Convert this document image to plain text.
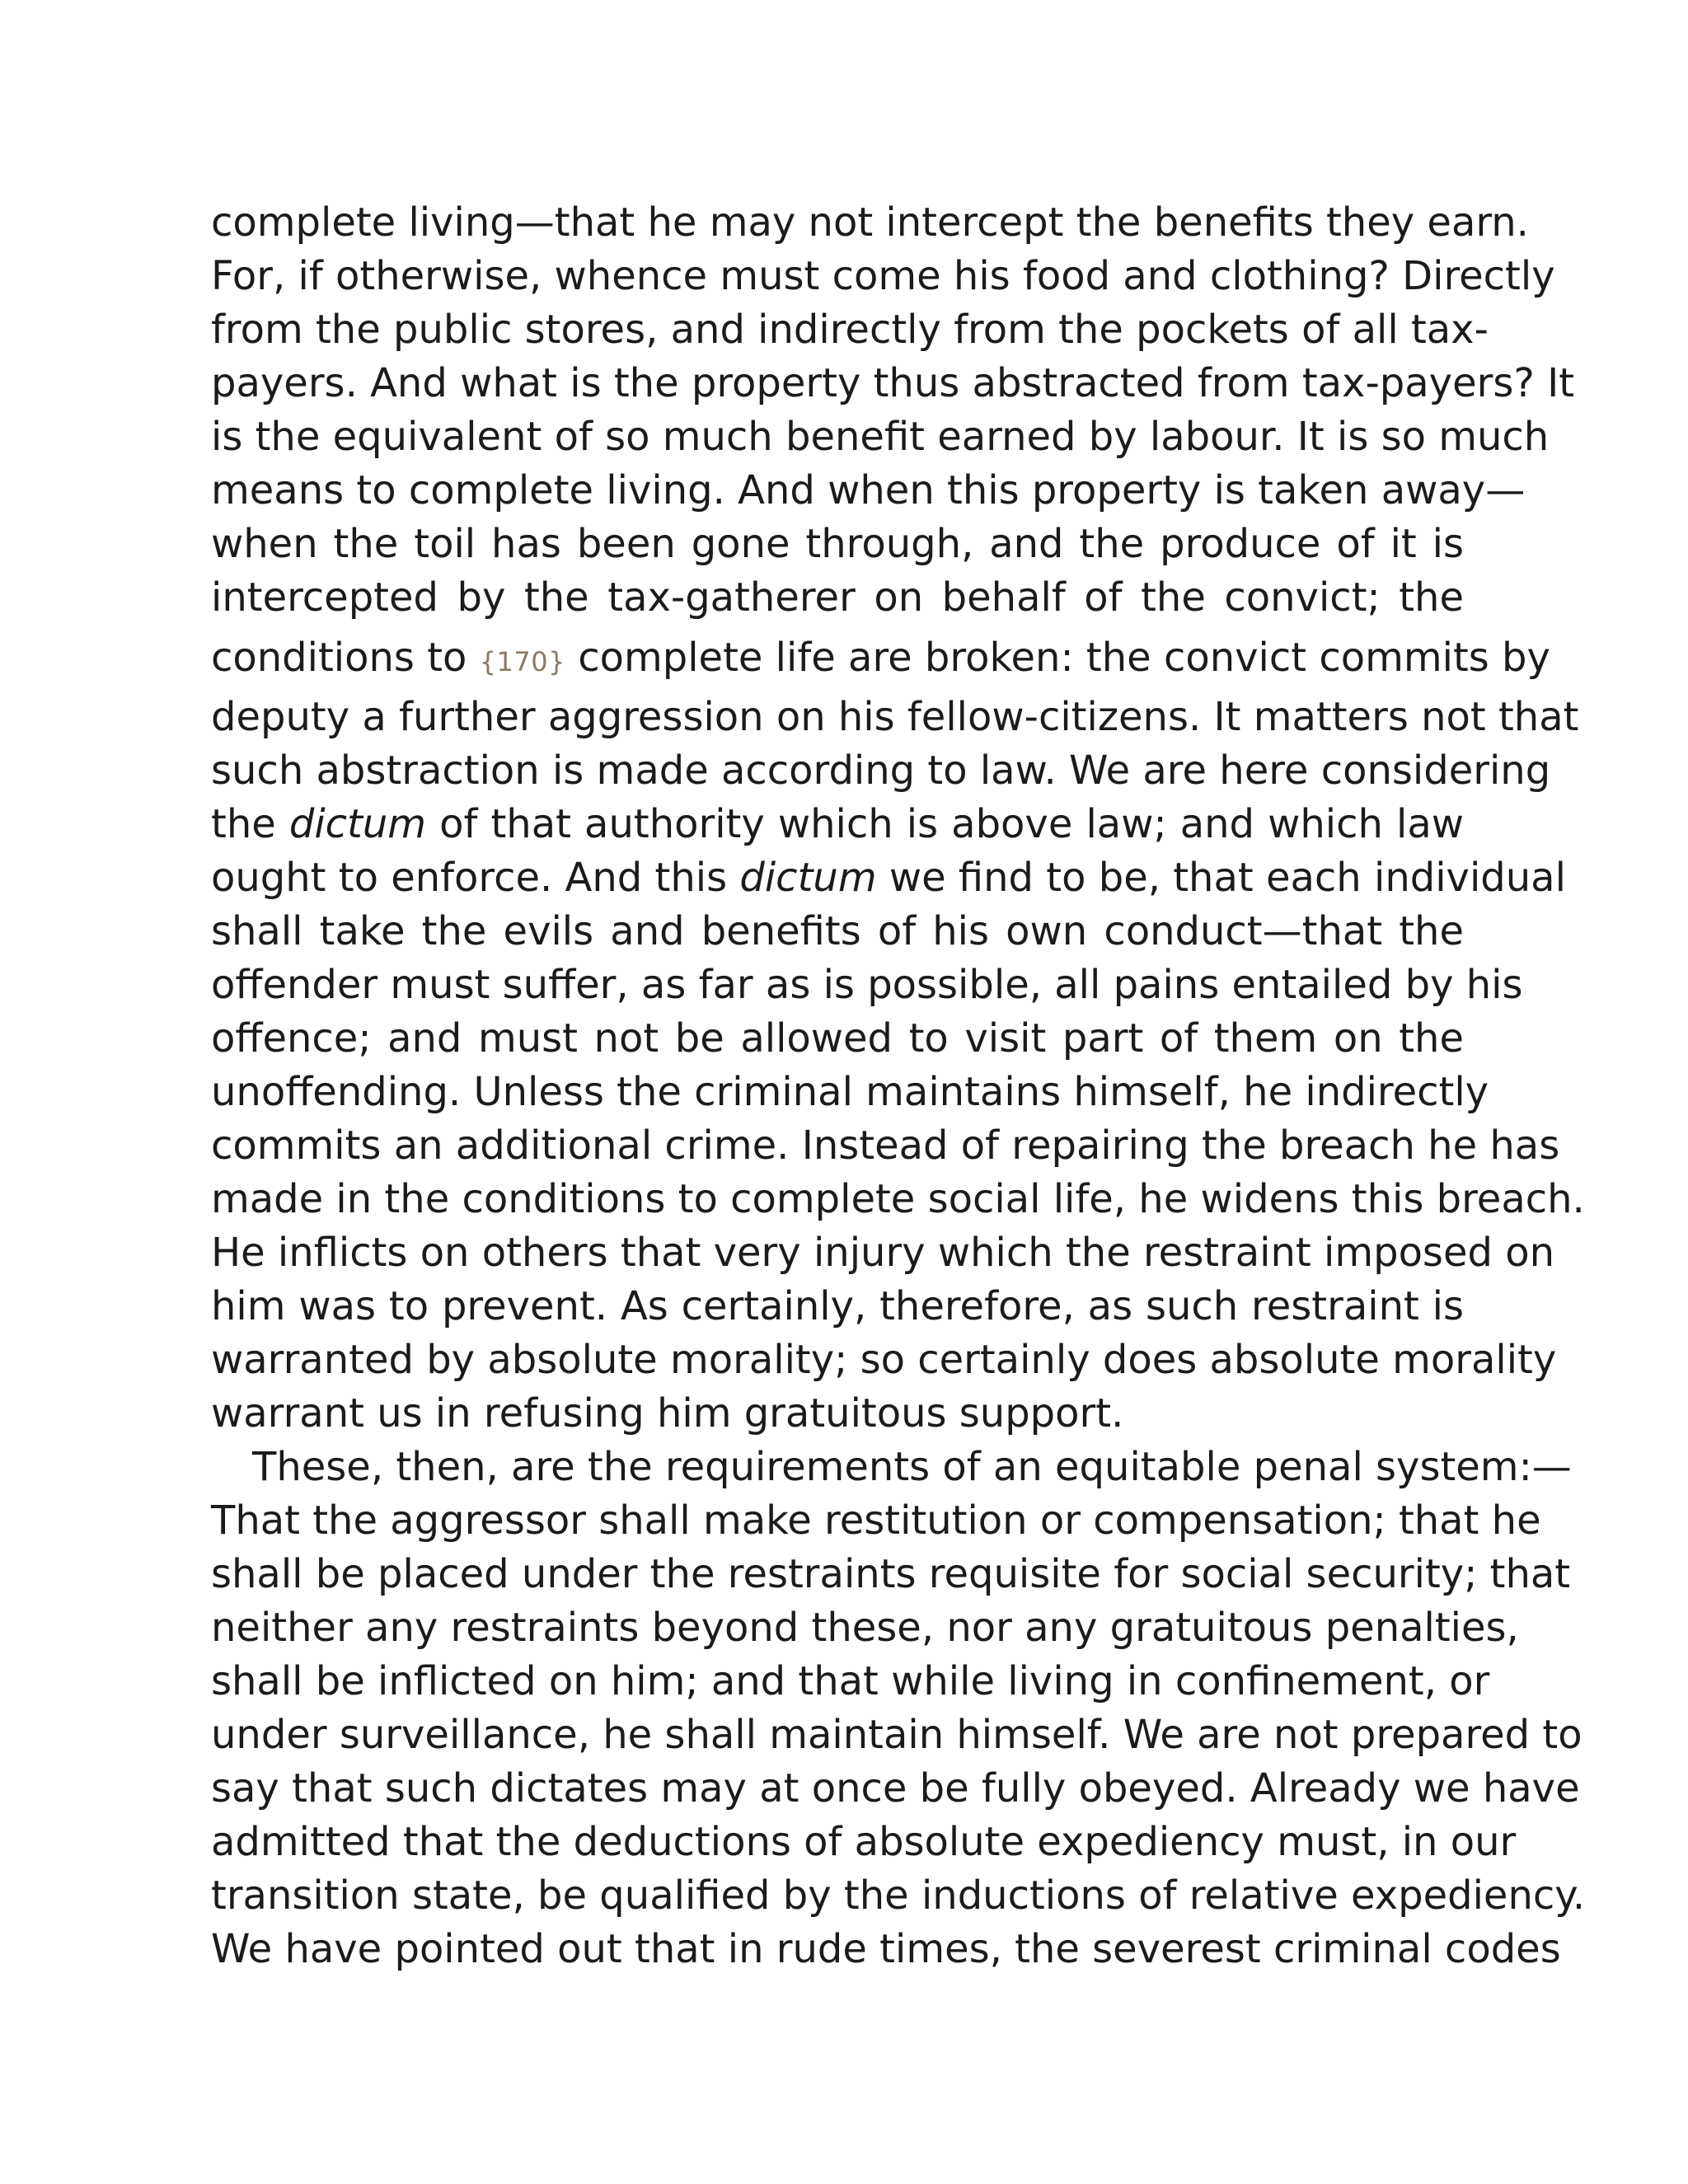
complete living—that he may not intercept the benefits they earn.
For, if otherwise, whence must come his food and clothing? Directly
from the public stores, and indirectly from the pockets of all tax-
payers. And what is the property thus abstracted from tax-payers? It
is the equivalent of so much benefit earned by labour. It is so much
means to complete living. And when this property is taken away—
when the toil has been gone through, and the produce of it is
intercepted by the tax-gatherer on behalf of the convict; the
conditions to {170} complete life are broken: the convict commits by
deputy a further aggression on his fellow-citizens. It matters not that
such abstraction is made according to law. We are here considering
the dictum of that authority which is above law; and which law
ought to enforce. And this dictum we find to be, that each individual
shall take the evils and benefits of his own conduct—that the
offender must suffer, as far as is possible, all pains entailed by his
offence; and must not be allowed to visit part of them on the
unoffending. Unless the criminal maintains himself, he indirectly
commits an additional crime. Instead of repairing the breach he has
made in the conditions to complete social life, he widens this breach.
He inflicts on others that very injury which the restraint imposed on
him was to prevent. As certainly, therefore, as such restraint is
warranted by absolute morality; so certainly does absolute morality
warrant us in refusing him gratuitous support.
These, then, are the requirements of an equitable penal system:—
That the aggressor shall make restitution or compensation; that he
shall be placed under the restraints requisite for social security; that
neither any restraints beyond these, nor any gratuitous penalties,
shall be inflicted on him; and that while living in confinement, or
under surveillance, he shall maintain himself. We are not prepared to
say that such dictates may at once be fully obeyed. Already we have
admitted that the deductions of absolute expediency must, in our
transition state, be qualified by the inductions of relative expediency.
We have pointed out that in rude times, the severest criminal codes
